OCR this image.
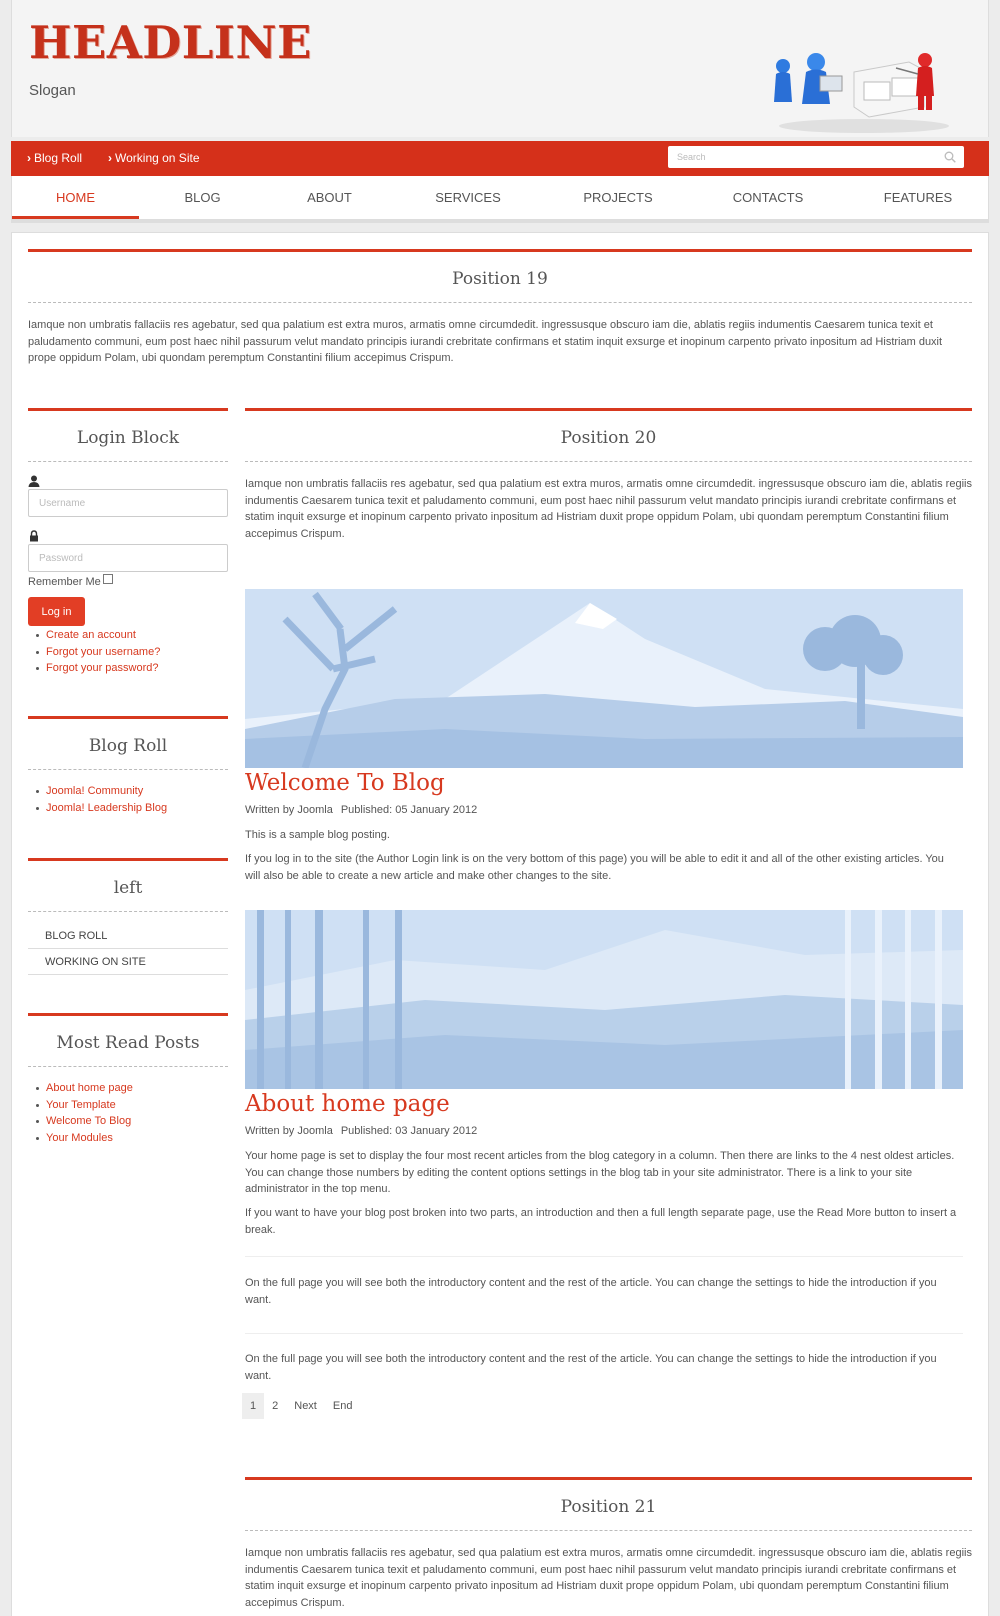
HEADLINE
Slogan
› Blog Roll › Working on Site
Search
HOME	BLOG	ABOUT	SERVICES	PROJECTS	CONTACTS	FEATURES
Position 19
Iamque non umbratis fallaciis res agebatur, sed qua palatium est extra muros, armatis omne circumdedit. ingressusque obscuro iam die, ablatis regiis indumentis Caesarem tunica texit et paludamento communi, eum post haec nihil passurum velut mandato principis iurandi crebritate confirmans et statim inquit exsurge et inopinum carpento privato inpositum ad Histriam duxit prope oppidum Polam, ubi quondam peremptum Constantini filium accepimus Crispum.
Login Block
Username
Remember Me
Log in
Create an account
Forgot your username?
Forgot your password?
Blog Roll
Joomla! Community
Joomla! Leadership Blog
left
BLOG ROLL
WORKING ON SITE
Most Read Posts
About home page
Your Template
Welcome To Blog
Your Modules
Position 20
Iamque non umbratis fallaciis res agebatur, sed qua palatium est extra muros, armatis omne circumdedit. ingressusque obscuro iam die, ablatis regiis indumentis Caesarem tunica texit et paludamento communi, eum post haec nihil passurum velut mandato principis iurandi crebritate confirmans et statim inquit exsurge et inopinum carpento privato inpositum ad Histriam duxit prope oppidum Polam, ubi quondam peremptum Constantini filium accepimus Crispum.
Welcome To Blog
Written by Joomla Published: 05 January 2012
This is a sample blog posting.
If you log in to the site (the Author Login link is on the very bottom of this page) you will be able to edit it and all of the other existing articles. You will also be able to create a new article and make other changes to the site.
About home page
Written by Joomla Published: 03 January 2012
Your home page is set to display the four most recent articles from the blog category in a column. Then there are links to the 4 nest oldest articles. You can change those numbers by editing the content options settings in the blog tab in your site administrator. There is a link to your site administrator in the top menu.
If you want to have your blog post broken into two parts, an introduction and then a full length separate page, use the Read More button to insert a break.
On the full page you will see both the introductory content and the rest of the article. You can change the settings to hide the introduction if you want.
On the full page you will see both the introductory content and the rest of the article. You can change the settings to hide the introduction if you want.
1	2	Next	End
Position 21
Iamque non umbratis fallaciis res agebatur, sed qua palatium est extra muros, armatis omne circumdedit. ingressusque obscuro iam die, ablatis regiis indumentis Caesarem tunica texit et paludamento communi, eum post haec nihil passurum velut mandato principis iurandi crebritate confirmans et statim inquit exsurge et inopinum carpento privato inpositum ad Histriam duxit prope oppidum Polam, ubi quondam peremptum Constantini filium accepimus Crispum.
